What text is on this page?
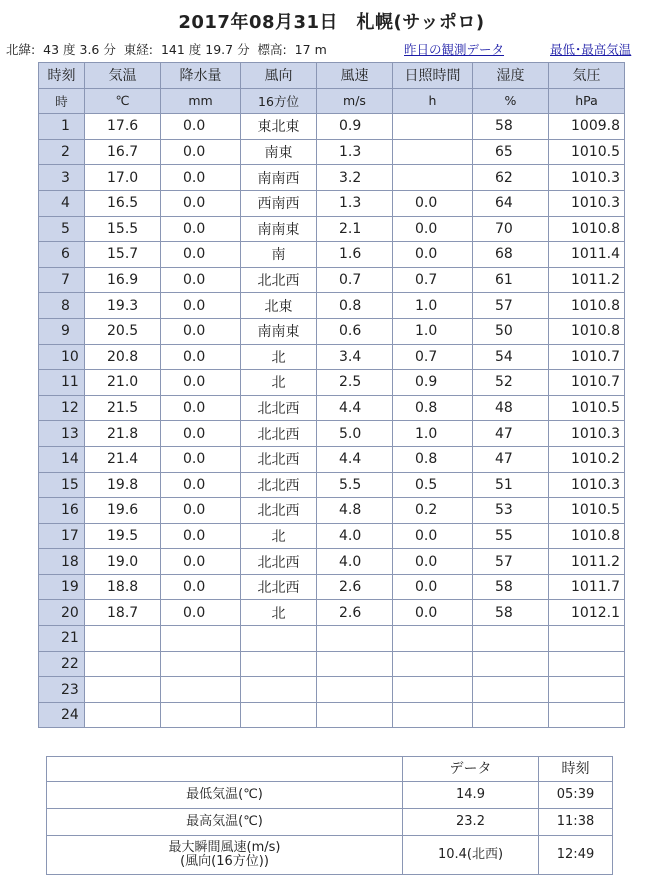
2017年08月31日　札幌(サッポロ)
北緯:  43 度 3.6 分  東経:  141 度 19.7 分  標高:  17 m	昨日の観測データ	最低･最高気温
時刻	気温	降水量	風向	風速	日照時間	湿度	気圧
時	℃	mm	16方位	m/s	h	%	hPa
1	17.6	0.0	東北東	0.9		58	1009.8
2	16.7	0.0	南東	1.3		65	1010.5
3	17.0	0.0	南南西	3.2		62	1010.3
4	16.5	0.0	西南西	1.3	0.0	64	1010.3
5	15.5	0.0	南南東	2.1	0.0	70	1010.8
6	15.7	0.0	南	1.6	0.0	68	1011.4
7	16.9	0.0	北北西	0.7	0.7	61	1011.2
8	19.3	0.0	北東	0.8	1.0	57	1010.8
9	20.5	0.0	南南東	0.6	1.0	50	1010.8
10	20.8	0.0	北	3.4	0.7	54	1010.7
11	21.0	0.0	北	2.5	0.9	52	1010.7
12	21.5	0.0	北北西	4.4	0.8	48	1010.5
13	21.8	0.0	北北西	5.0	1.0	47	1010.3
14	21.4	0.0	北北西	4.4	0.8	47	1010.2
15	19.8	0.0	北北西	5.5	0.5	51	1010.3
16	19.6	0.0	北北西	4.8	0.2	53	1010.5
17	19.5	0.0	北	4.0	0.0	55	1010.8
18	19.0	0.0	北北西	4.0	0.0	57	1011.2
19	18.8	0.0	北北西	2.6	0.0	58	1011.7
20	18.7	0.0	北	2.6	0.0	58	1012.1
21							
22							
23							
24							
	データ	時刻
最低気温(℃)	14.9	05:39
最高気温(℃)	23.2	11:38

最大瞬間風速(m/s)
(風向(16方位))	10.4(北西)	12:49
